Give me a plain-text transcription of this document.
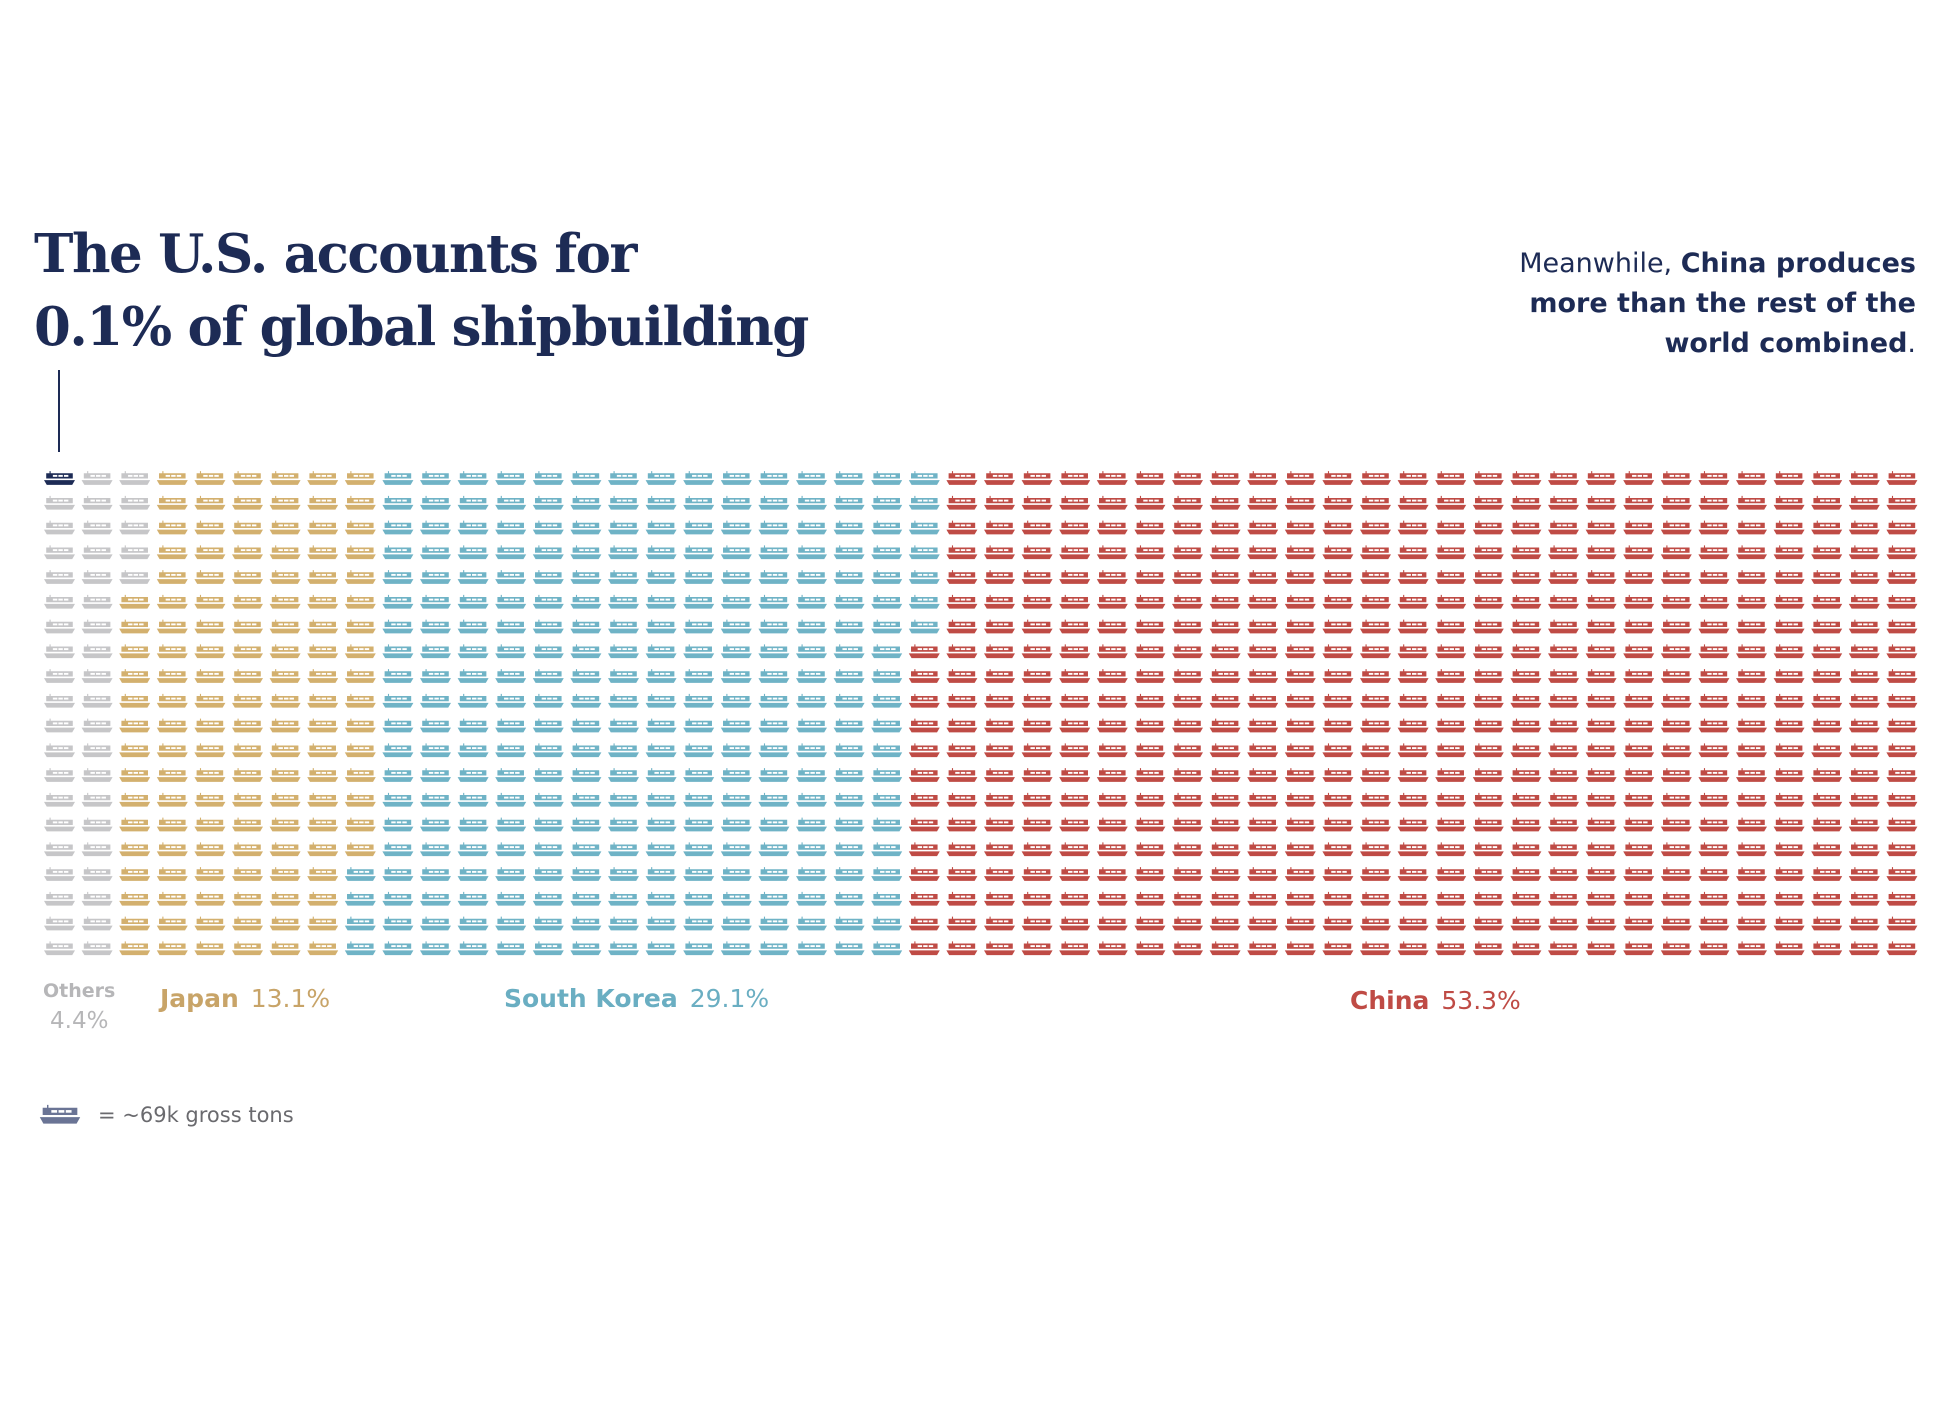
The U.S. accounts for
0.1% of global shipbuilding
Meanwhile, China produces
more than the rest of the
world combined.
Others
4.4%
Japan 13.1%	South Korea 29.1%	China 53.3%
= ~69k gross tons
